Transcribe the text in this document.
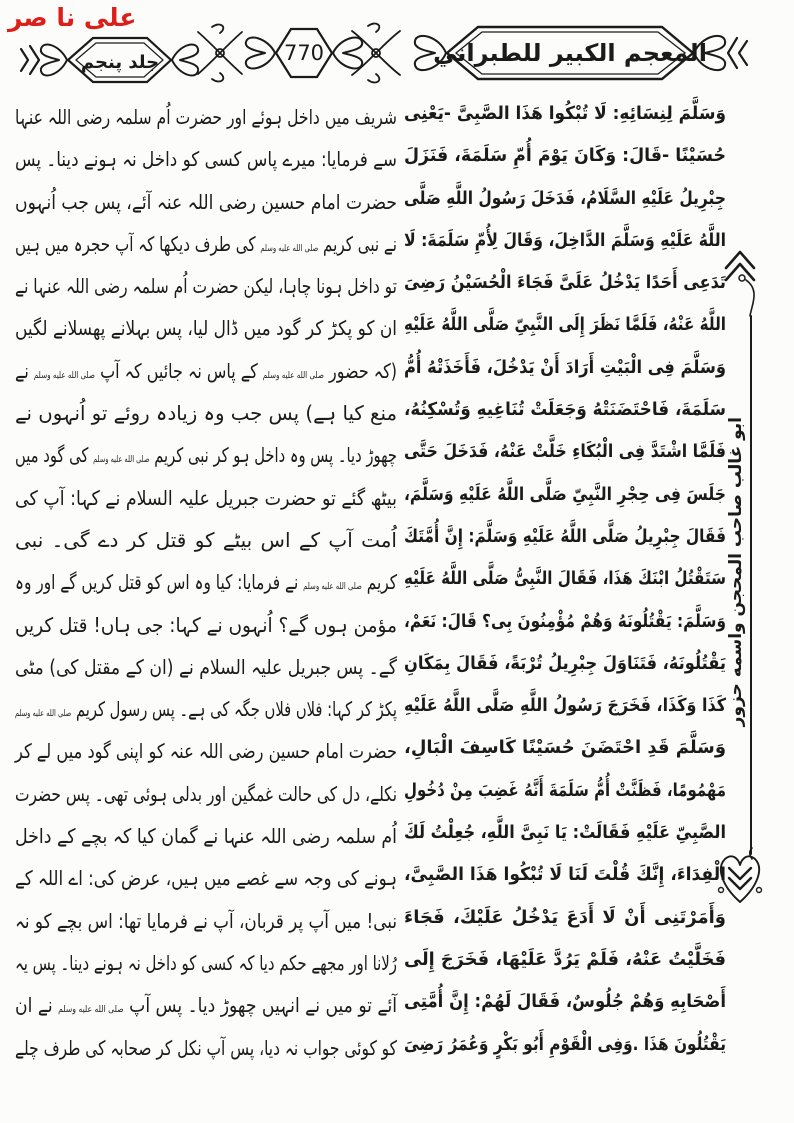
علی نا صر
المعجم الكبير للطبراني
770
جلد پنجم
شریف میں داخل ہوئے اور حضرت اُم سلمہ رضی اللہ عنہا
سے فرمایا: میرے پاس کسی کو داخل نہ ہونے دینا۔ پس
حضرت امام حسین رضی اللہ عنہ آئے، پس جب اُنہوں
نے نبی کریم صلى الله عليه وسلم کی طرف دیکھا کہ آپ حجرہ میں ہیں
تو داخل ہونا چاہا، لیکن حضرت اُم سلمہ رضی اللہ عنہا نے
ان کو پکڑ کر گود میں ڈال لیا، پس بہلانے پھسلانے لگیں
(کہ حضور صلى الله عليه وسلم کے پاس نہ جائیں کہ آپ صلى الله عليه وسلم نے
منع کیا ہے) پس جب وہ زیادہ روئے تو اُنہوں نے
چھوڑ دیا۔ پس وہ داخل ہو کر نبی کریم صلى الله عليه وسلم کی گود میں
بیٹھ گئے تو حضرت جبریل علیہ السلام نے کہا: آپ کی
اُمت آپ کے اس بیٹے کو قتل کر دے گی۔ نبی
کریم صلى الله عليه وسلم نے فرمایا: کیا وہ اس کو قتل کریں گے اور وہ
مؤمن ہوں گے؟ اُنہوں نے کہا: جی ہاں! قتل کریں
گے۔ پس جبریل علیہ السلام نے (ان کے مقتل کی) مٹی
پکڑ کر کہا: فلاں فلاں جگہ کی ہے۔ پس رسول کریم صلى الله عليه وسلم
حضرت امام حسین رضی اللہ عنہ کو اپنی گود میں لے کر
نکلے، دل کی حالت غمگین اور بدلی ہوئی تھی۔ پس حضرت
اُم سلمہ رضی اللہ عنہا نے گمان کیا کہ بچے کے داخل
ہونے کی وجہ سے غصے میں ہیں، عرض کی: اے اللہ کے
نبی! میں آپ پر قربان، آپ نے فرمایا تھا: اس بچے کو نہ
رُلانا اور مجھے حکم دیا کہ کسی کو داخل نہ ہونے دینا۔ پس یہ
آئے تو میں نے انہیں چھوڑ دیا۔ پس آپ صلى الله عليه وسلم نے ان
کو کوئی جواب نہ دیا، پس آپ نکل کر صحابہ کی طرف چلے
وَسَلَّمَ لِنِسَائِهِ: لَا تُبْكُوا هَذَا الصَّبِىَّ -يَعْنِى
حُسَيْنًا -قَالَ: وَكَانَ يَوْمَ أُمِّ سَلَمَةَ، فَنَزَلَ
جِبْرِيلُ عَلَيْهِ السَّلَامُ، فَدَخَلَ رَسُولُ اللَّهِ صَلَّى
اللَّهُ عَلَيْهِ وَسَلَّمَ الدَّاخِلَ، وَقَالَ لِأُمِّ سَلَمَةَ: لَا
تَدَعِى أَحَدًا يَدْخُلُ عَلَىَّ فَجَاءَ الْحُسَيْنُ رَضِىَ
اللَّهُ عَنْهُ، فَلَمَّا نَظَرَ إِلَى النَّبِىِّ صَلَّى اللَّهُ عَلَيْهِ
وَسَلَّمَ فِى الْبَيْتِ أَرَادَ أَنْ يَدْخُلَ، فَأَخَذَتْهُ أُمُّ
سَلَمَةَ، فَاحْتَضَنَتْهُ وَجَعَلَتْ تُنَاغِيهِ وَتُسْكِنُهُ،
فَلَمَّا اشْتَدَّ فِى الْبُكَاءِ خَلَّتْ عَنْهُ، فَدَخَلَ حَتَّى
جَلَسَ فِى حِجْرِ النَّبِىِّ صَلَّى اللَّهُ عَلَيْهِ وَسَلَّمَ،
فَقَالَ جِبْرِيلُ صَلَّى اللَّهُ عَلَيْهِ وَسَلَّمَ: إِنَّ أُمَّتَكَ
سَتَقْتُلُ ابْنَكَ هَذَا، فَقَالَ النَّبِىُّ صَلَّى اللَّهُ عَلَيْهِ
وَسَلَّمَ: يَقْتُلُونَهُ وَهُمْ مُؤْمِنُونَ بِى؟ قَالَ: نَعَمْ،
يَقْتُلُونَهُ، فَتَنَاوَلَ جِبْرِيلُ تُرْبَةً، فَقَالَ بِمَكَانِ
كَذَا وَكَذَا، فَخَرَجَ رَسُولُ اللَّهِ صَلَّى اللَّهُ عَلَيْهِ
وَسَلَّمَ قَدِ احْتَضَنَ حُسَيْنًا كَاسِفَ الْبَالِ،
مَهْمُومًا، فَظَنَّتْ أُمُّ سَلَمَةَ أَنَّهُ غَضِبَ مِنْ دُخُولِ
الصَّبِىِّ عَلَيْهِ فَقَالَتْ: يَا نَبِىَّ اللَّهِ، جُعِلْتُ لَكَ
الْفِدَاءَ، إِنَّكَ قُلْتَ لَنَا لَا تُبْكُوا هَذَا الصَّبِىَّ،
وَأَمَرْتَنِى أَنْ لَا أَدَعَ يَدْخُلُ عَلَيْكَ، فَجَاءَ
فَخَلَّيْتُ عَنْهُ، فَلَمْ يَرُدَّ عَلَيْهَا، فَخَرَجَ إِلَى
أَصْحَابِهِ وَهُمْ جُلُوسٌ، فَقَالَ لَهُمْ: إِنَّ أُمَّتِى
يَقْتُلُونَ هَذَا .وَفِى الْقَوْمِ أَبُو بَكْرٍ وَعُمَرُ رَضِىَ
ابو غالب صاحب المحجن واسمه حزور
